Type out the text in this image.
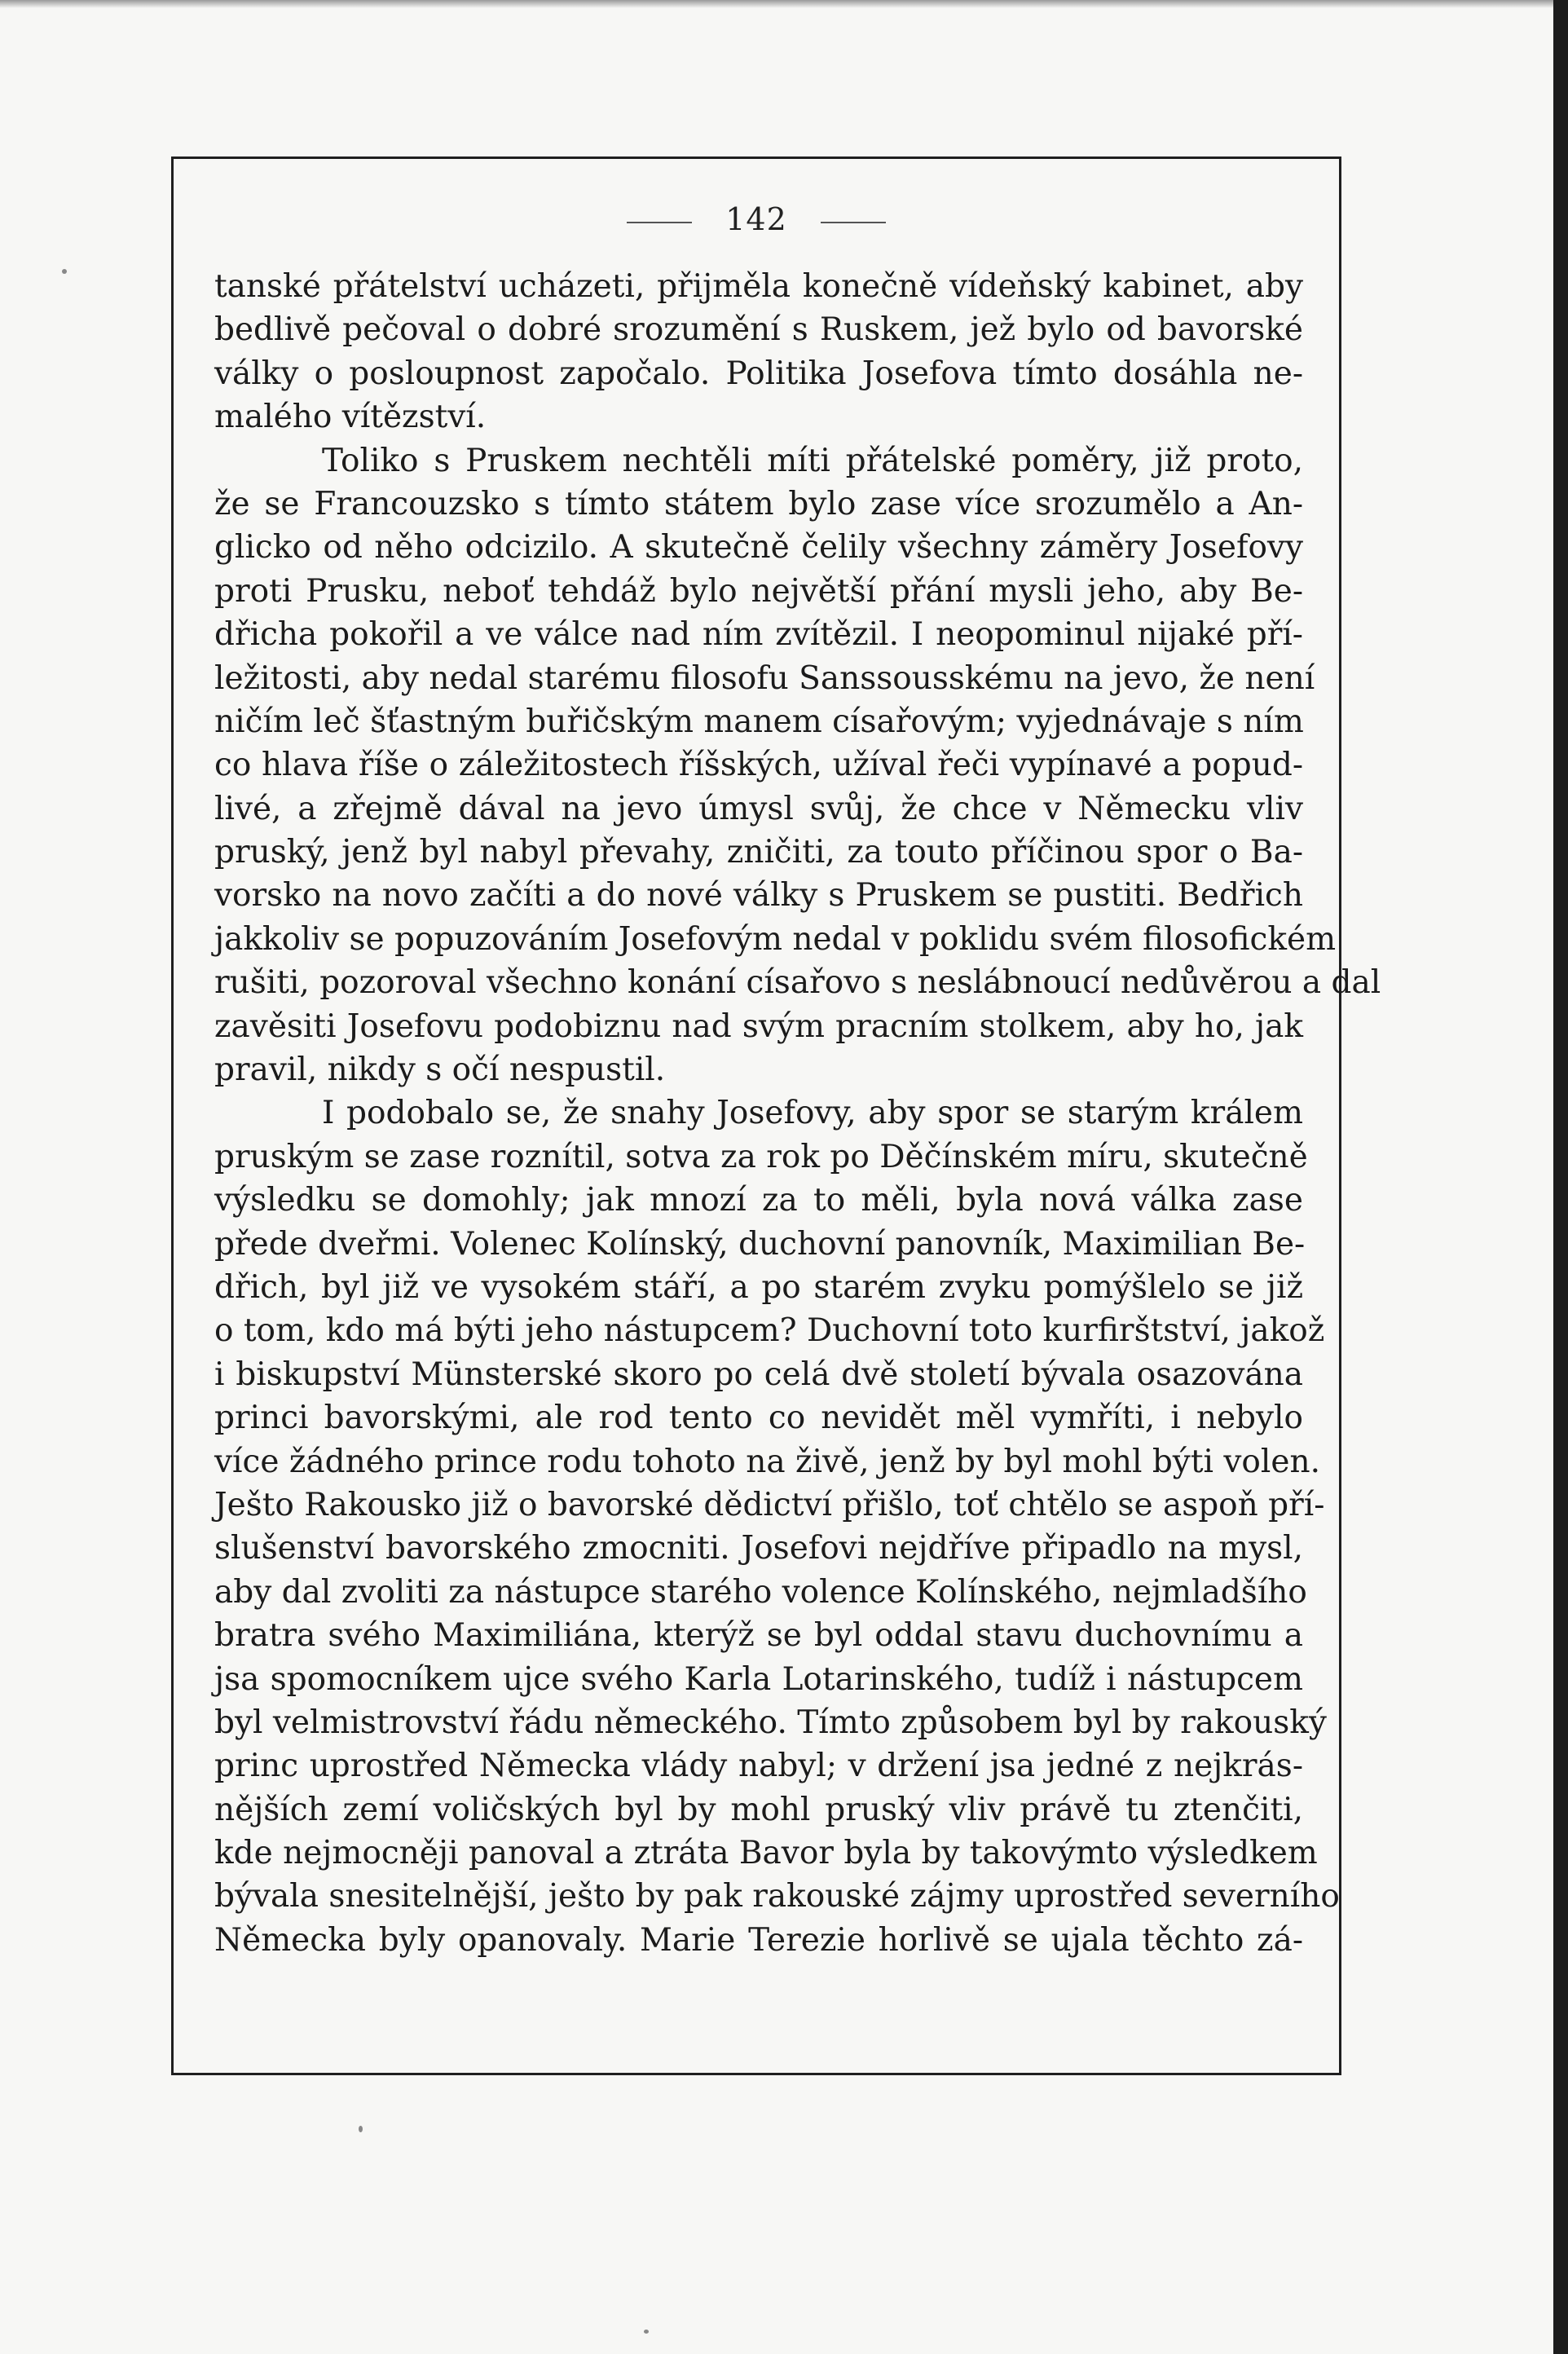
142
tanské přátelství ucházeti, přijměla konečně vídeňský kabinet, aby
bedlivě pečoval o dobré srozumění s Ruskem, jež bylo od bavorské
války o posloupnost započalo. Politika Josefova tímto dosáhla ne-
malého vítězství.
Toliko s Pruskem nechtěli míti přátelské poměry, již proto,
že se Francouzsko s tímto státem bylo zase více srozumělo a An-
glicko od něho odcizilo. A skutečně čelily všechny záměry Josefovy
proti Prusku, neboť tehdáž bylo největší přání mysli jeho, aby Be-
dřicha pokořil a ve válce nad ním zvítězil. I neopominul nijaké pří-
ležitosti, aby nedal starému filosofu Sanssousskému na jevo, že není
ničím leč šťastným buřičským manem císařovým; vyjednávaje s ním
co hlava říše o záležitostech říšských, užíval řeči vypínavé a popud-
livé, a zřejmě dával na jevo úmysl svůj, že chce v Německu vliv
pruský, jenž byl nabyl převahy, zničiti, za touto příčinou spor o Ba-
vorsko na novo začíti a do nové války s Pruskem se pustiti. Bedřich
jakkoliv se popuzováním Josefovým nedal v poklidu svém filosofickém
rušiti, pozoroval všechno konání císařovo s neslábnoucí nedůvěrou a dal
zavěsiti Josefovu podobiznu nad svým pracním stolkem, aby ho, jak
pravil, nikdy s očí nespustil.
I podobalo se, že snahy Josefovy, aby spor se starým králem
pruským se zase roznítil, sotva za rok po Děčínském míru, skutečně
výsledku se domohly; jak mnozí za to měli, byla nová válka zase
přede dveřmi. Volenec Kolínský, duchovní panovník, Maximilian Be-
dřich, byl již ve vysokém stáří, a po starém zvyku pomýšlelo se již
o tom, kdo má býti jeho nástupcem? Duchovní toto kurfirštství, jakož
i biskupství Münsterské skoro po celá dvě století bývala osazována
princi bavorskými, ale rod tento co nevidět měl vymříti, i nebylo
více žádného prince rodu tohoto na živě, jenž by byl mohl býti volen.
Ješto Rakousko již o bavorské dědictví přišlo, toť chtělo se aspoň pří-
slušenství bavorského zmocniti. Josefovi nejdříve připadlo na mysl,
aby dal zvoliti za nástupce starého volence Kolínského, nejmladšího
bratra svého Maximiliána, kterýž se byl oddal stavu duchovnímu a
jsa spomocníkem ujce svého Karla Lotarinského, tudíž i nástupcem
byl velmistrovství řádu německého. Tímto způsobem byl by rakouský
princ uprostřed Německa vlády nabyl; v držení jsa jedné z nejkrás-
nějších zemí voličských byl by mohl pruský vliv právě tu ztenčiti,
kde nejmocněji panoval a ztráta Bavor byla by takovýmto výsledkem
bývala snesitelnější, ješto by pak rakouské zájmy uprostřed severního
Německa byly opanovaly. Marie Terezie horlivě se ujala těchto zá-
